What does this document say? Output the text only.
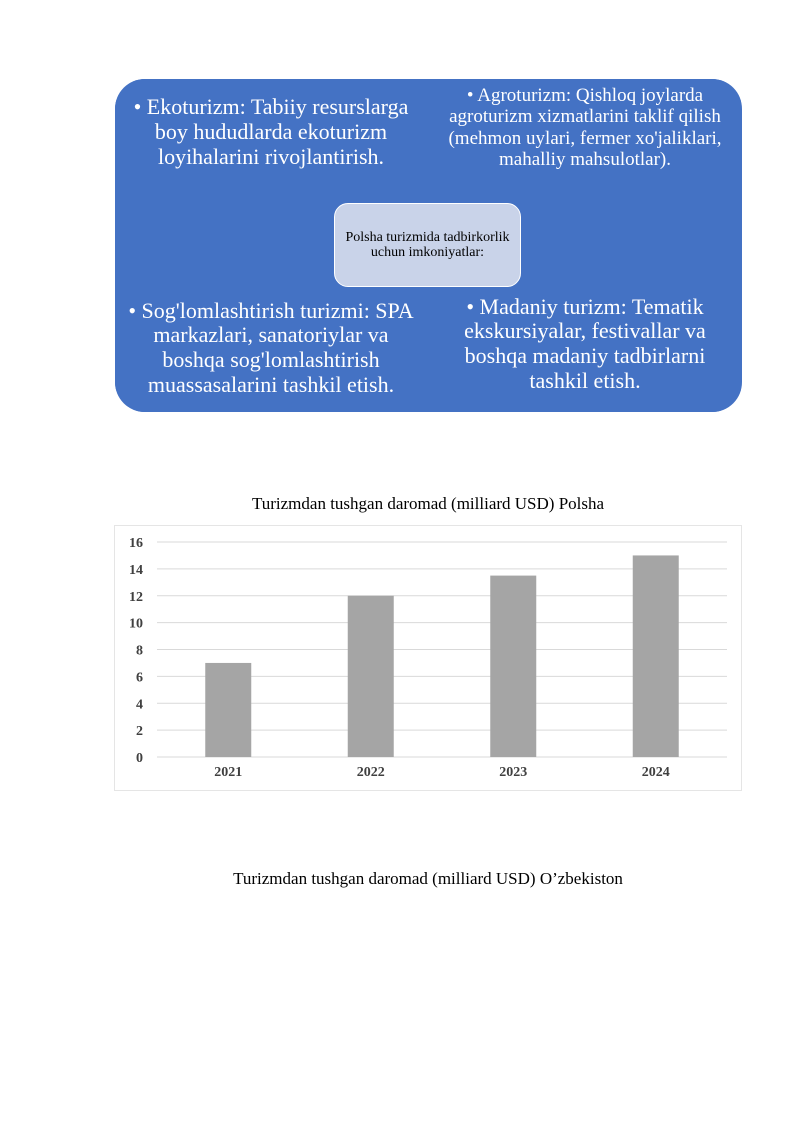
• Ekoturizm: Tabiiy resurslarga boy hududlarda ekoturizm loyihalarini rivojlantirish.
• Agroturizm: Qishloq joylarda agroturizm xizmatlarini taklif qilish (mehmon uylari, fermer xo'jaliklari, mahalliy mahsulotlar).
• Sog'lomlashtirish turizmi: SPA markazlari, sanatoriylar va boshqa sog'lomlashtirish muassasalarini tashkil etish.
• Madaniy turizm: Tematik ekskursiyalar, festivallar va boshqa madaniy tadbirlarni tashkil etish.
Polsha turizmida tadbirkorlik uchun imkoniyatlar:
Turizmdan tushgan daromad (milliard USD) Polsha
0
2
4
6
8
10
12
14
16
2021	2022	2023	2024
Turizmdan tushgan daromad (milliard USD) O’zbekiston
